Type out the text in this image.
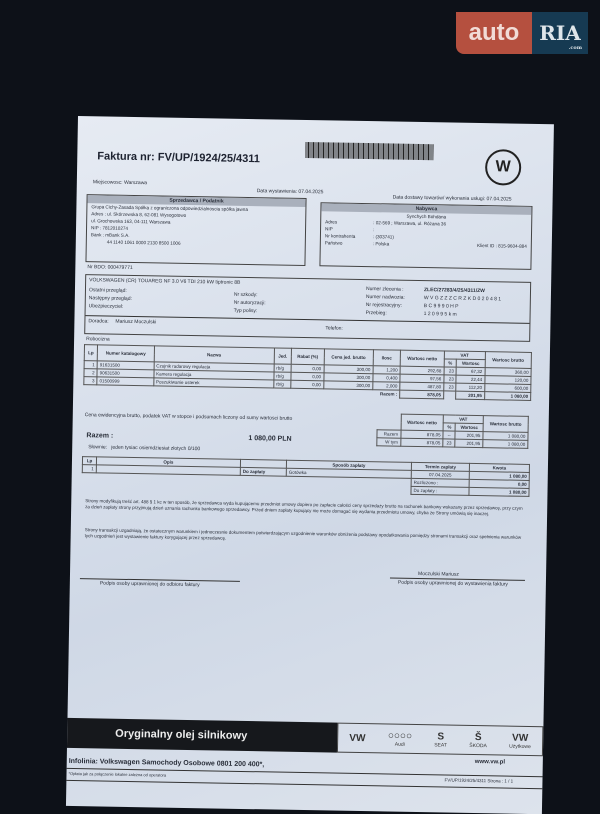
auto RIA
.com
Faktura nr: FV/UP/1924/25/4311
W
Miejscowosc: Warszawa
Data wystawienia: 07.04.2025
Data dostawy towarów/ wykonania usługi: 07.04.2025
Sprzedawca / Podatnik
Grupa Cichy-Zasada Spółka z ograniczona odpowiedzialnoscia spółka jawna
Adres : ul. Skórzewska 8, 62-081 Wysogotowo
ul. Grochowska 163, 04-111 Warszawa
NIP : 7812010274
Bank : mBank S.A.
44 1140 1061 0000 2130 8500 1006
Nr BDO: 000479771
Nabywca
Synchych Bohdana
Adres	: 02-569 ; Warszawa, ul. Różana 36
NIP	:
Nr kontrahenta	: (303741)
Państwo	: Polska	Klient ID : 815-9604-884
VOLKSWAGEN (CR) TOUAREG NF 3.0 V6 TDI 210 kW tiptronic 8B
Ostatni przegląd:
Następny przegląd:
Ubezpieczyciel:
Nr szkody:
Nr autoryzacji:
Typ polisy:
Numer zlecenia :	ZLEC/27283/4/25/4311/ZW
Numer nadwozia:	W V G Z Z Z C R Z K D 0 2 0 4 8 1
Nr rejestracyjny:	B C 9 9 9 0 H P
Przebieg:	1 2 0 9 9 5 k m
Doradca: Mariusz Moczulski
Telefon:
Robocizna
Lp	Numer katalogowy	Nazwa	Jed.	Rabat (%)	Cena jed. brutto	Ilosc	Wartosc netto	VAT		Wartosc brutto
								%	Wartosc	
1	91631500	Czujnik radarowy regulacja	rb/g	0,00	300,00	1,200	292,68	23	67,32	360,00
2	90631500	Kamera regulacja	rb/g	0,00	300,00	0,400	97,56	23	22,44	120,00
3	01500999	Poszukiwanie usterek	rb/g	0,00	300,00	2,000	487,80	23	112,20	600,00
						Razem :	878,05		201,95	1 080,00
Cena ewidencyjna brutto, podatek VAT w stopce i podsumach liczony od sumy wartosci brutto
	Wartosc netto	VAT		Wartosc brutto
		%	Wartosc	
Razem	878,05	--	201,95	1 080,00
W tym	878,05	23	201,95	1 080,00
Razem :	1 080,00 PLN
Słownie: jeden tysiac osiemdziesiat złotych 0/100
Lp	Opis		Sposób zapłaty	Termin zapłaty	Kwota
1		Do zapłaty	Gotówka	07.04.2025	1 080,00
				Rozliczono :	0,00
				Do zapłaty :	1 080,00
Strony modyfikują treść art. 488 § 1 kc w ten sposób, że sprzedawca wyda kupującemu przedmiot umowy dopiero po zapłacie całości ceny sprzedaży brutto na rachunek bankowy wskazany przez sprzedawcę, przy czym za dzień zapłaty strony przyjmują dzień uznania rachunku bankowego sprzedawcy. Przed dniem zapłaty kupujący nie może domagać się wydania przedmiotu umowy, chyba że Strony umówią się inaczej.
Strony transakcji uzgadniają, że ostatecznym warunkiem i jednoczesnie dokumentem potwierdzającym uzgodnienie warunków obniżenia podstawy opodatkowania pomiędzy stronami transakcji oraz spełnienia warunków tych uzgodnień jest wystawienie faktury korygującej przez sprzedawcę.
Moczulski Mariusz
Podpis osoby uprawnionej do odbioru faktury	Podpis osoby uprawnionej do wystawienia faktury
Oryginalny olej silnikowy	VW ○○○○
Audi
S
SEAT
Š
ŠKODA
VW
Użytkowe
www.vw.pl
Infolinia: Volkswagen Samochody Osobowe 0801 200 400*,
*Opłata jak za połączenie lokalne zależna od operatora
FV/UP/1924/25/4311 Strona : 1 / 1
